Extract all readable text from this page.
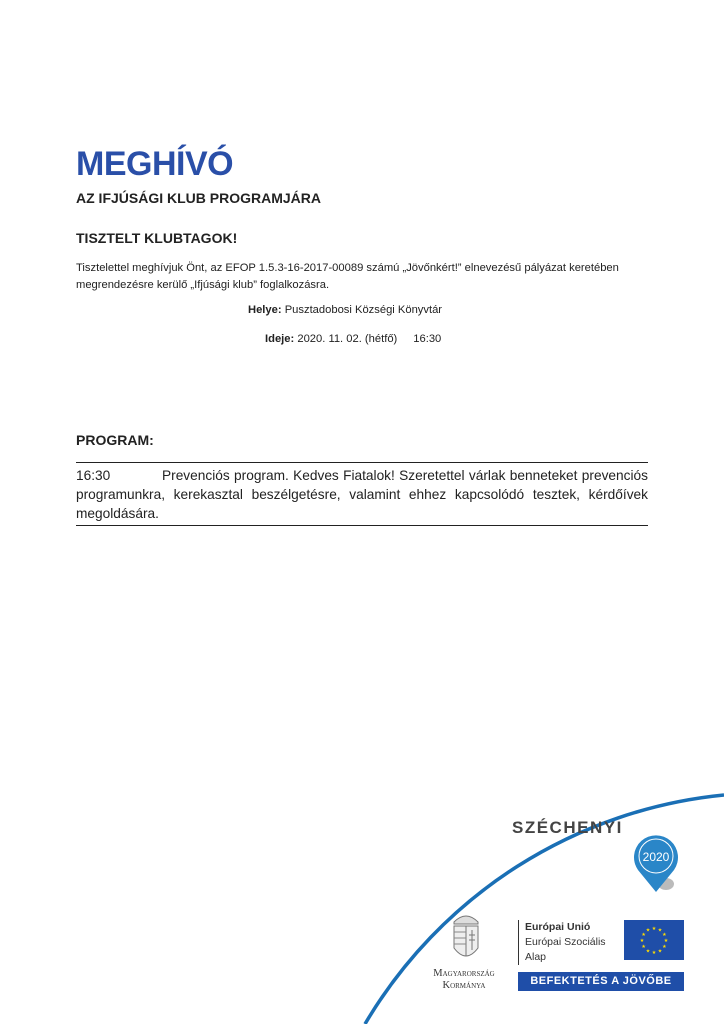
MEGHÍVÓ
AZ IFJÚSÁGI KLUB PROGRAMJÁRA
TISZTELT KLUBTAGOK!
Tisztelettel meghívjuk Önt, az EFOP 1.5.3-16-2017-00089 számú „Jövőnkért!” elnevezésű pályázat keretében megrendezésre kerülő „Ifjúsági klub” foglalkozásra.
Helye: Pusztadobosi Községi Könyvtár
Ideje: 2020. 11. 02. (hétfő) 16:30
PROGRAM:
16:30	Prevenciós program. Kedves Fiatalok! Szeretettel várlak benneteket prevenciós programunkra, kerekasztal beszélgetésre, valamint ehhez kapcsolódó tesztek, kérdőívek megoldására.
SZÉCHENYI
2020
Magyarország
Kormánya
Európai Unió
Európai Szociális
Alap
★ ★
★
★
★
★
★
★
★
★
★
★
BEFEKTETÉS A JÖVŐBE
